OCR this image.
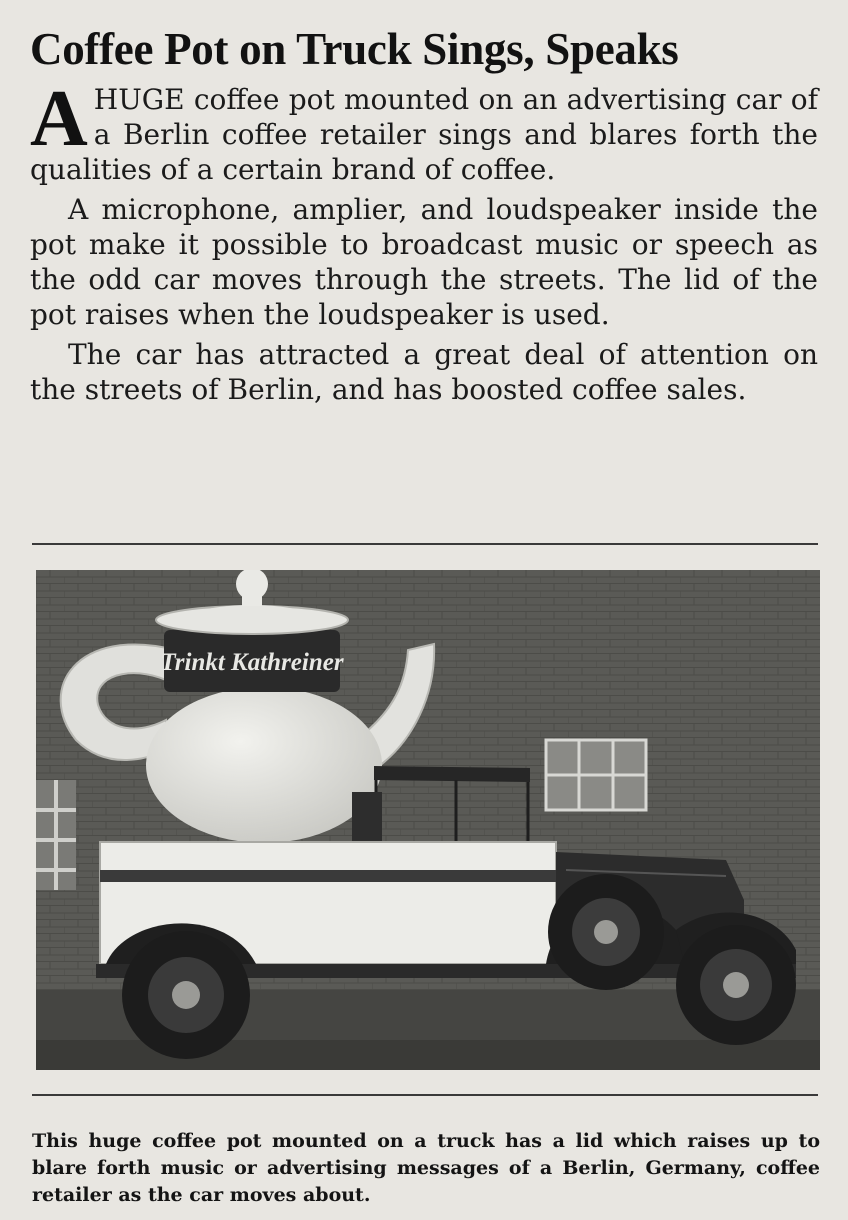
Coffee Pot on Truck Sings, Speaks

AHUGE coffee pot mounted on an advertising car of a Berlin coffee retailer sings and blares forth the qualities of a certain brand of coffee.

A microphone, amplier, and loudspeaker inside the pot make it possible to broadcast music or speech as the odd car moves through the streets. The lid of the pot raises when the loudspeaker is used.

The car has attracted a great deal of attention on the streets of Berlin, and has boosted coffee sales.

Trinkt Kathreiner
This huge coffee pot mounted on a truck has a lid which raises up to blare forth music or advertising messages of a Berlin, Germany, coffee retailer as the car moves about.
